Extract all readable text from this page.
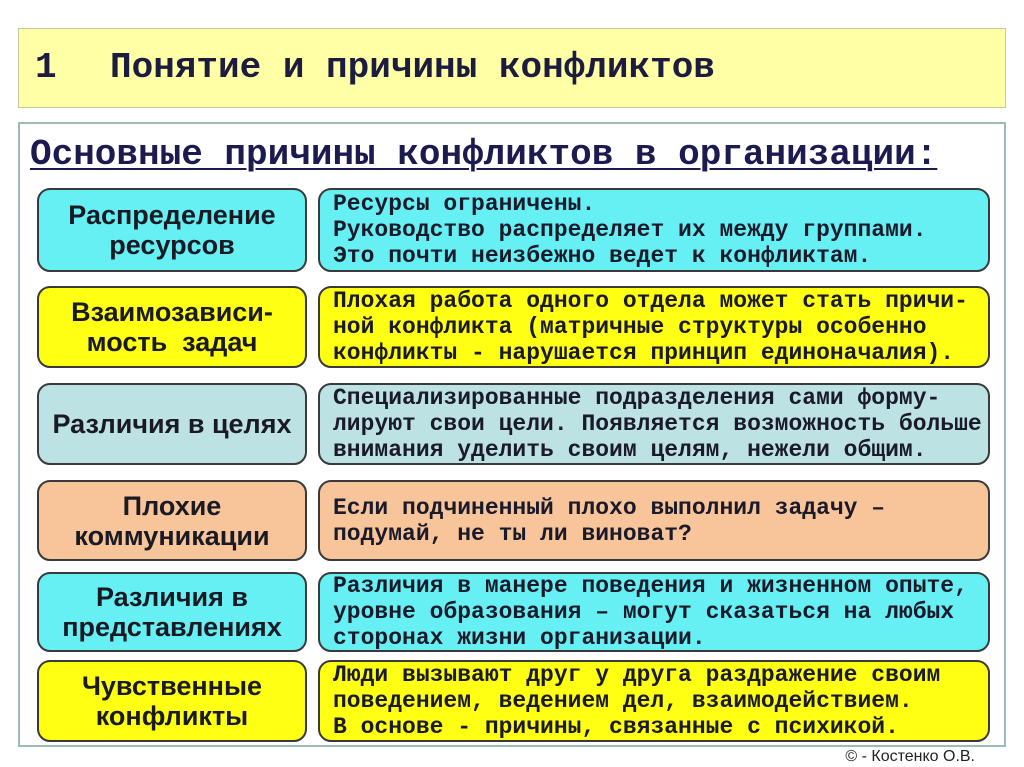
1 Понятие и причины конфликтов
Основные причины конфликтов в организации:
Распределение
ресурсов
Ресурсы ограничены.
Руководство распределяет их между группами.
Это почти неизбежно ведет к конфликтам.
Взаимозависи-
мость  задач
Плохая работа одного отдела может стать причи-
ной конфликта (матричные структуры особенно
конфликты - нарушается принцип единоначалия).
Различия в целях
Специализированные подразделения сами форму-
лируют свои цели. Появляется возможность больше
внимания уделить своим целям, нежели общим.
Плохие
коммуникации
Если подчиненный плохо выполнил задачу –
подумай, не ты ли виноват?
Различия в
представлениях
Различия в манере поведения и жизненном опыте,
уровне образования – могут сказаться на любых
сторонах жизни организации.
Чувственные
конфликты
Люди вызывают друг у друга раздражение своим
поведением, ведением дел, взаимодействием.
В основе - причины, связанные с психикой.
© - Костенко О.В.
